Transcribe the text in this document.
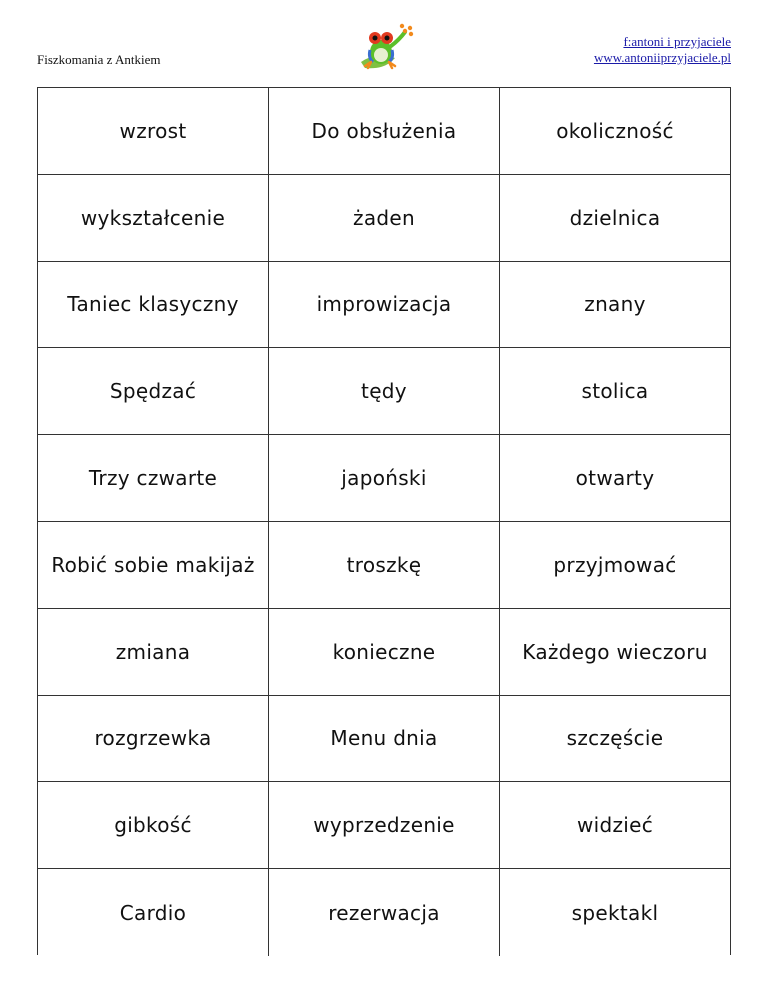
Fiszkomania z Antkiem
f:antoni i przyjaciele
www.antoniiprzyjaciele.pl
wzrost	Do obsłużenia	okoliczność
wykształcenie	żaden	dzielnica
Taniec klasyczny	improwizacja	znany
Spędzać	tędy	stolica
Trzy czwarte	japoński	otwarty
Robić sobie makijaż	troszkę	przyjmować
zmiana	konieczne	Każdego wieczoru
rozgrzewka	Menu dnia	szczęście
gibkość	wyprzedzenie	widzieć
Cardio	rezerwacja	spektakl
